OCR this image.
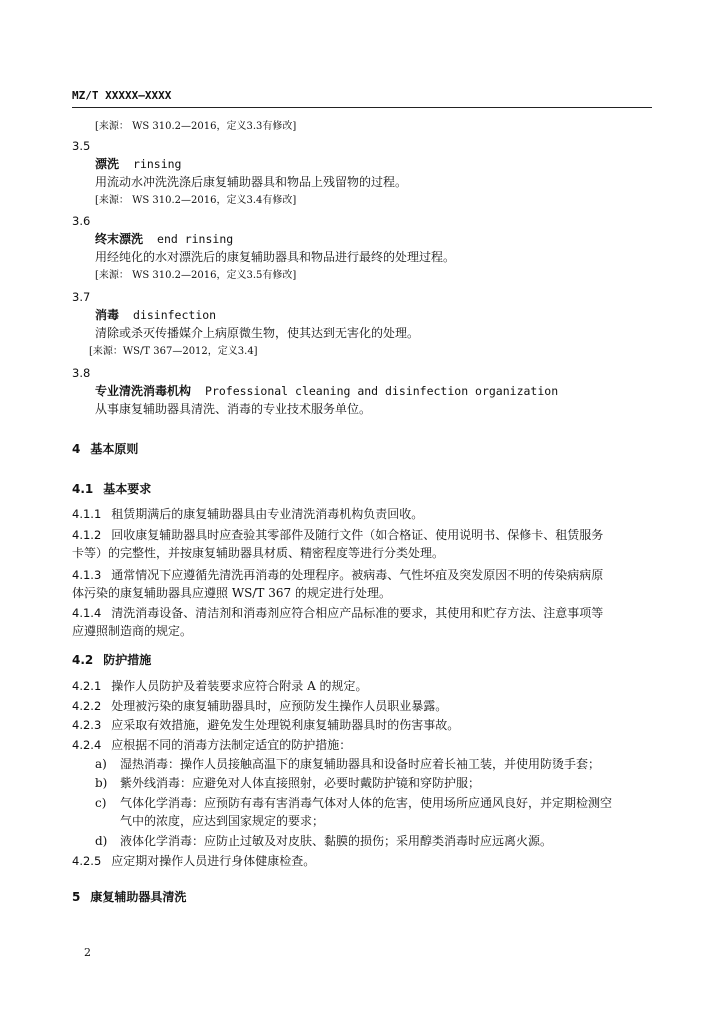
MZ/T XXXXX—XXXX
[来源： WS 310.2—2016，定义3.3有修改]
3.5
漂洗 rinsing
用流动水冲洗洗涤后康复辅助器具和物品上残留物的过程。
[来源： WS 310.2—2016，定义3.4有修改]
3.6
终末漂洗 end rinsing
用经纯化的水对漂洗后的康复辅助器具和物品进行最终的处理过程。
[来源： WS 310.2—2016，定义3.5有修改]
3.7
消毒 disinfection
清除或杀灭传播媒介上病原微生物，使其达到无害化的处理。
[来源：WS/T 367—2012，定义3.4]
3.8
专业清洗消毒机构 Professional cleaning and disinfection organization
从事康复辅助器具清洗、消毒的专业技术服务单位。
4 基本原则
4.1 基本要求
4.1.1 租赁期满后的康复辅助器具由专业清洗消毒机构负责回收。
4.1.2 回收康复辅助器具时应查验其零部件及随行文件（如合格证、使用说明书、保修卡、租赁服务
卡等）的完整性，并按康复辅助器具材质、精密程度等进行分类处理。
4.1.3 通常情况下应遵循先清洗再消毒的处理程序。被病毒、气性坏疽及突发原因不明的传染病病原
体污染的康复辅助器具应遵照 WS/T 367 的规定进行处理。
4.1.4 清洗消毒设备、清洁剂和消毒剂应符合相应产品标准的要求，其使用和贮存方法、注意事项等
应遵照制造商的规定。
4.2 防护措施
4.2.1 操作人员防护及着装要求应符合附录 A 的规定。
4.2.2 处理被污染的康复辅助器具时，应预防发生操作人员职业暴露。
4.2.3 应采取有效措施，避免发生处理锐利康复辅助器具时的伤害事故。
4.2.4 应根据不同的消毒方法制定适宜的防护措施：
a) 湿热消毒：操作人员接触高温下的康复辅助器具和设备时应着长袖工装，并使用防烫手套；
b) 紫外线消毒：应避免对人体直接照射，必要时戴防护镜和穿防护服；
c) 气体化学消毒：应预防有毒有害消毒气体对人体的危害，使用场所应通风良好，并定期检测空
气中的浓度，应达到国家规定的要求；
d) 液体化学消毒：应防止过敏及对皮肤、黏膜的损伤；采用醇类消毒时应远离火源。
4.2.5 应定期对操作人员进行身体健康检查。
5 康复辅助器具清洗
2
